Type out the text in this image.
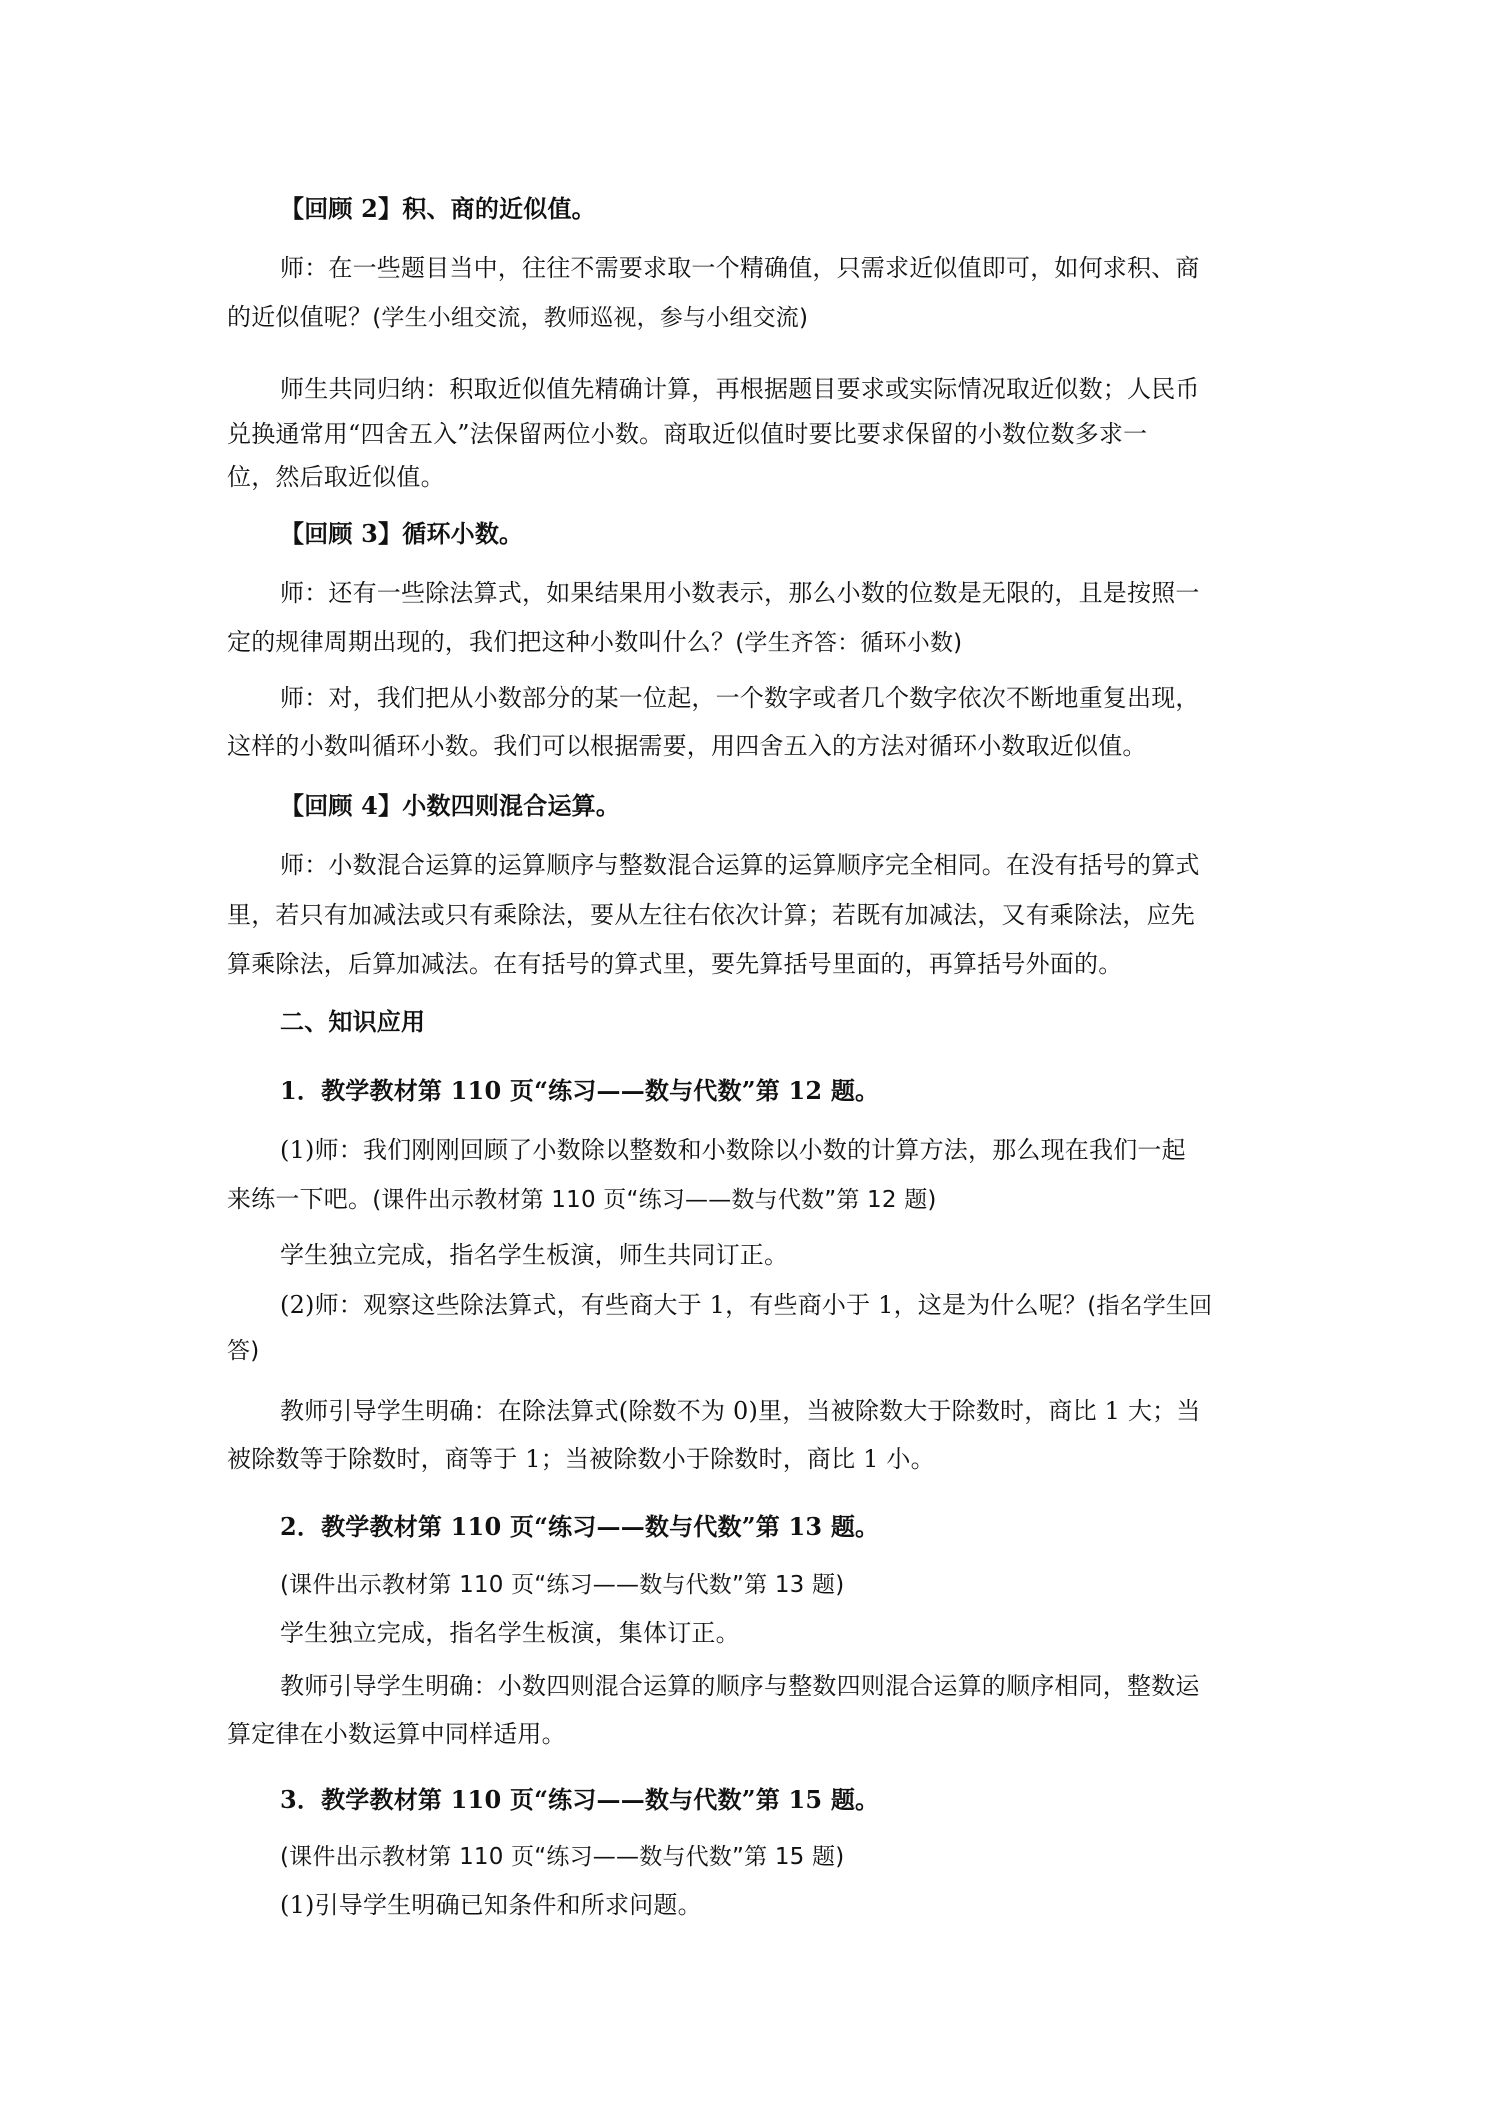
【回顾 2】积、商的近似值。

师：在一些题目当中，往往不需要求取一个精确值，只需求近似值即可，如何求积、商

的近似值呢？(学生小组交流，教师巡视，参与小组交流)

师生共同归纳：积取近似值先精确计算，再根据题目要求或实际情况取近似数；人民币

兑换通常用“四舍五入”法保留两位小数。商取近似值时要比要求保留的小数位数多求一

位，然后取近似值。

【回顾 3】循环小数。

师：还有一些除法算式，如果结果用小数表示，那么小数的位数是无限的，且是按照一

定的规律周期出现的，我们把这种小数叫什么？(学生齐答：循环小数)

师：对，我们把从小数部分的某一位起，一个数字或者几个数字依次不断地重复出现，

这样的小数叫循环小数。我们可以根据需要，用四舍五入的方法对循环小数取近似值。

【回顾 4】小数四则混合运算。

师：小数混合运算的运算顺序与整数混合运算的运算顺序完全相同。在没有括号的算式

里，若只有加减法或只有乘除法，要从左往右依次计算；若既有加减法，又有乘除法，应先

算乘除法，后算加减法。在有括号的算式里，要先算括号里面的，再算括号外面的。

二、知识应用

1．教学教材第 110 页“练习——数与代数”第 12 题。

(1)师：我们刚刚回顾了小数除以整数和小数除以小数的计算方法，那么现在我们一起

来练一下吧。(课件出示教材第 110 页“练习——数与代数”第 12 题)

学生独立完成，指名学生板演，师生共同订正。

(2)师：观察这些除法算式，有些商大于 1，有些商小于 1，这是为什么呢？(指名学生回

答)

教师引导学生明确：在除法算式(除数不为 0)里，当被除数大于除数时，商比 1 大；当

被除数等于除数时，商等于 1；当被除数小于除数时，商比 1 小。

2．教学教材第 110 页“练习——数与代数”第 13 题。

(课件出示教材第 110 页“练习——数与代数”第 13 题)

学生独立完成，指名学生板演，集体订正。

教师引导学生明确：小数四则混合运算的顺序与整数四则混合运算的顺序相同，整数运

算定律在小数运算中同样适用。

3．教学教材第 110 页“练习——数与代数”第 15 题。

(课件出示教材第 110 页“练习——数与代数”第 15 题)

(1)引导学生明确已知条件和所求问题。
